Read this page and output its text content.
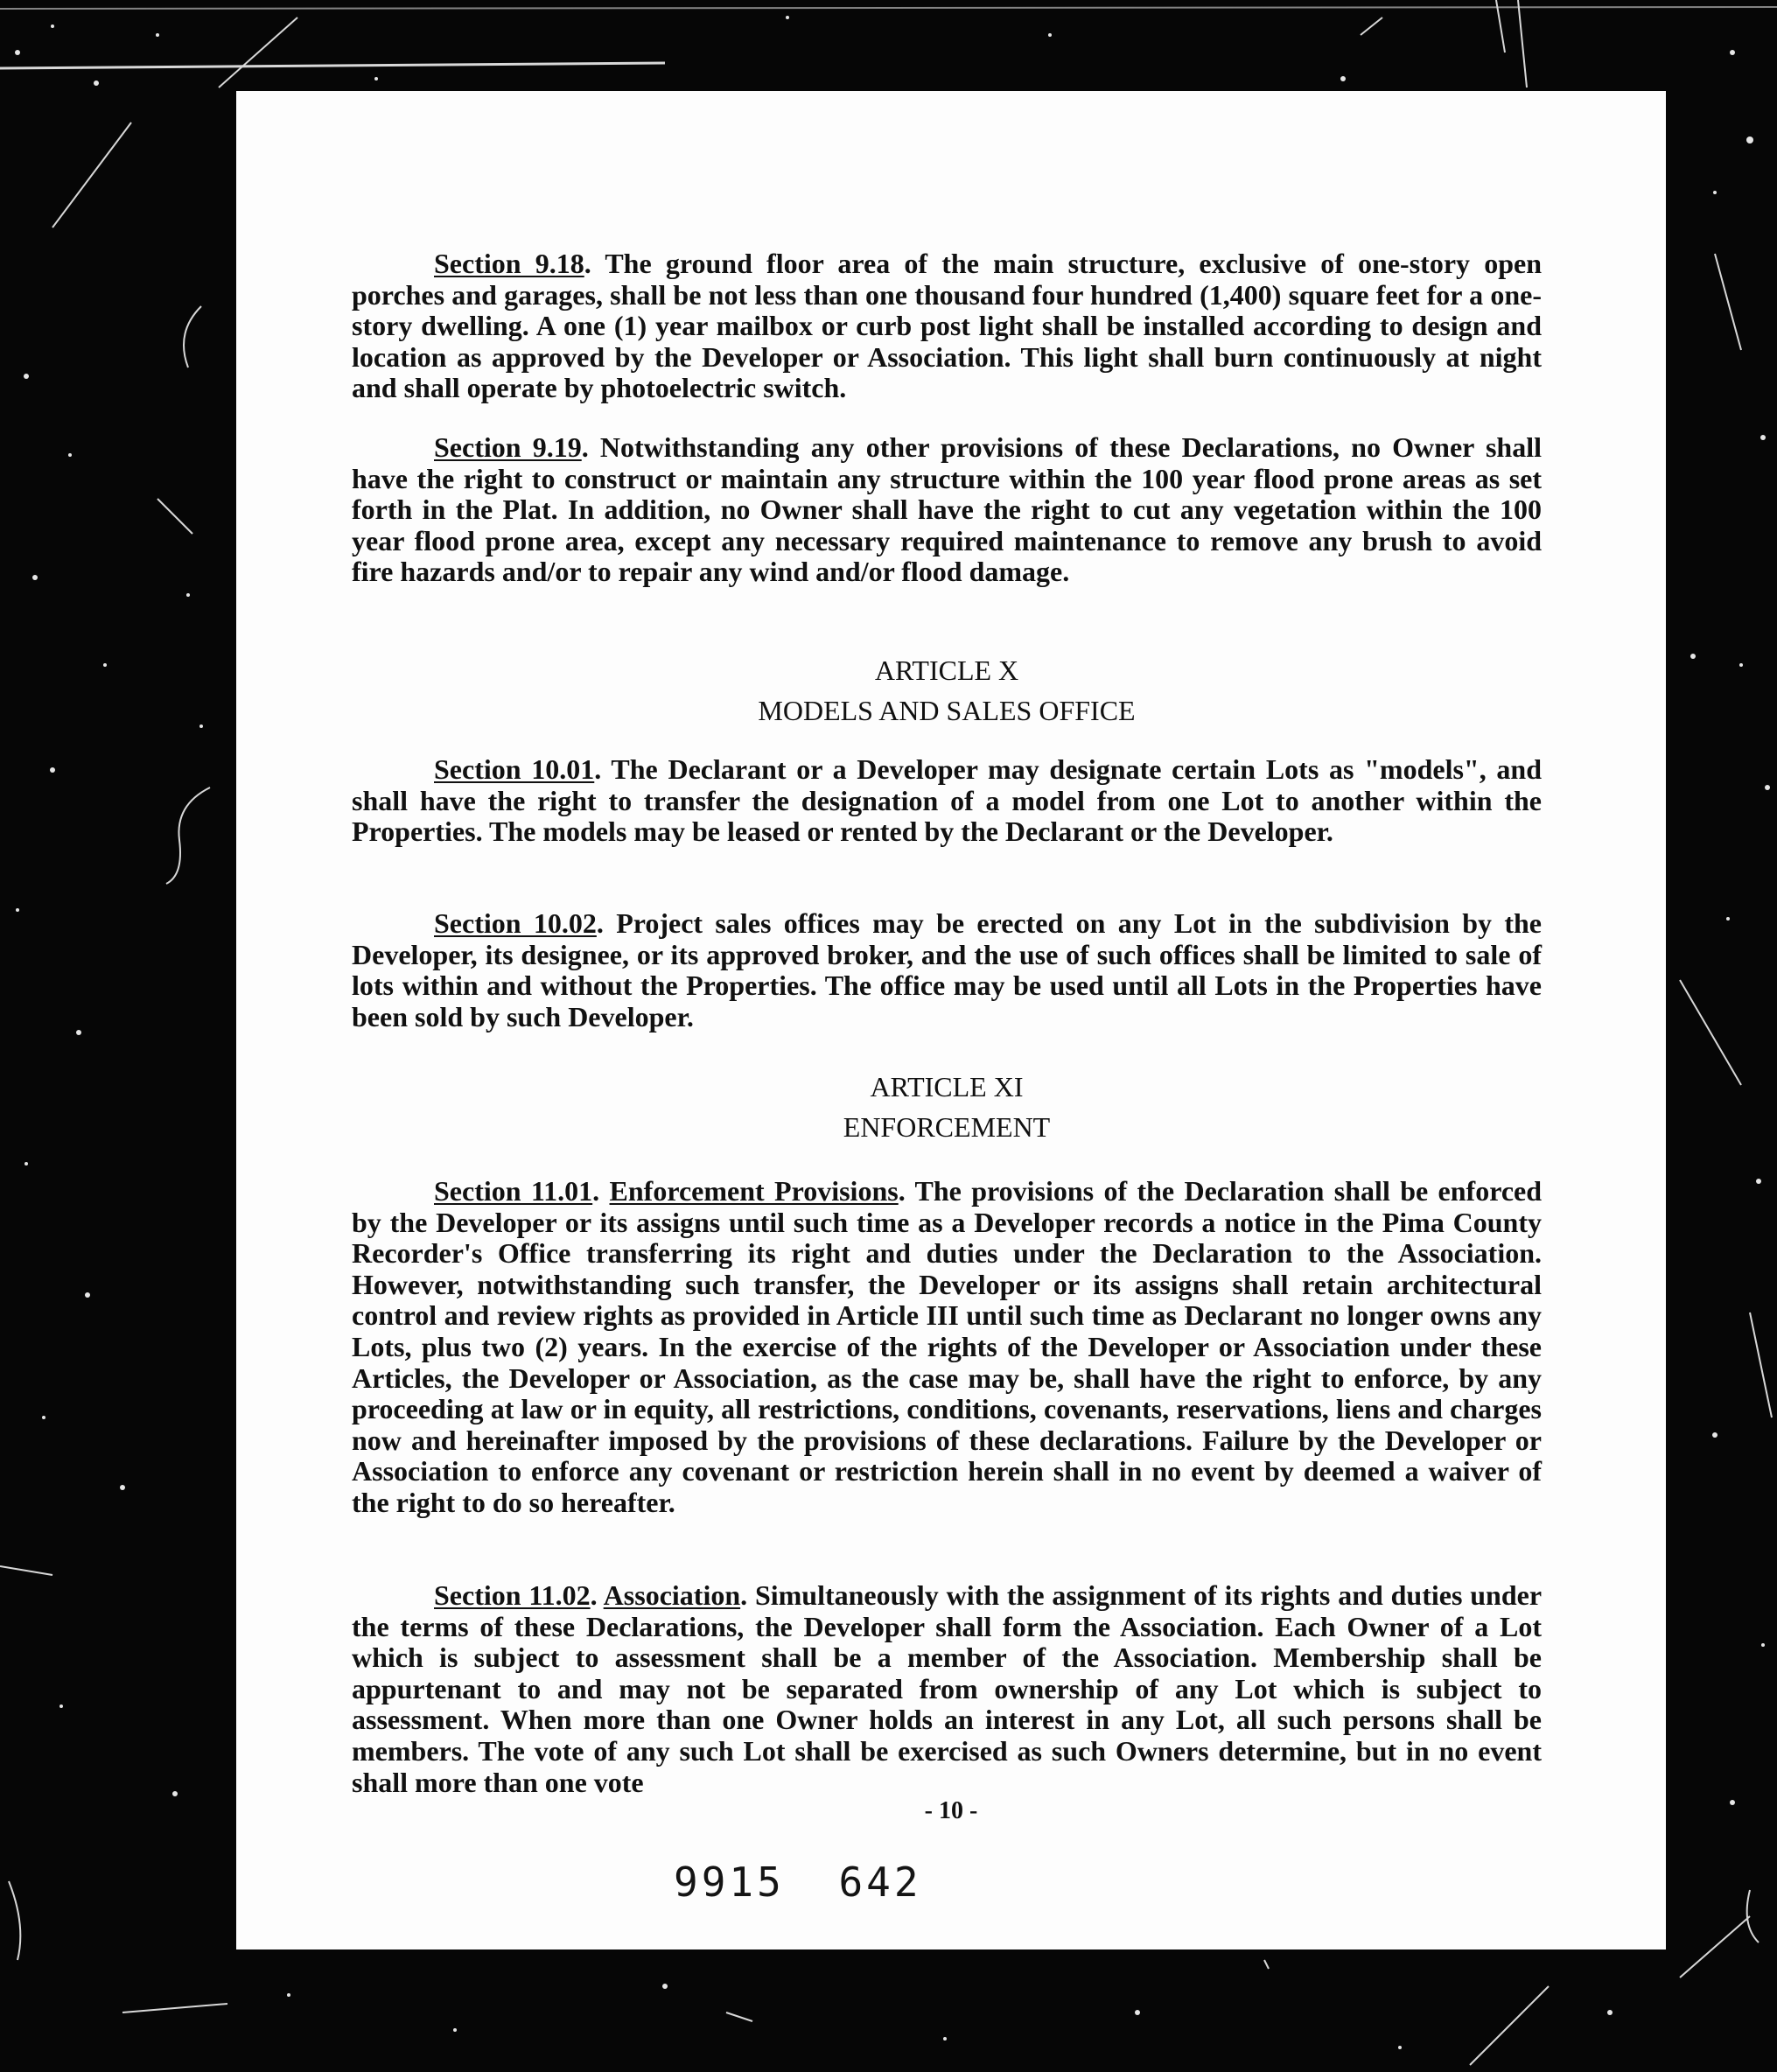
Section 9.18. The ground floor area of the main structure, exclusive of one-story open porches and garages, shall be not less than one thousand four hundred (1,400) square feet for a one-story dwelling. A one (1) year mailbox or curb post light shall be installed according to design and location as approved by the Developer or Association. This light shall burn continuously at night and shall operate by photoelectric switch.

Section 9.19. Notwithstanding any other provisions of these Declarations, no Owner shall have the right to construct or maintain any structure within the 100 year flood prone areas as set forth in the Plat. In addition, no Owner shall have the right to cut any vegetation within the 100 year flood prone area, except any necessary required maintenance to remove any brush to avoid fire hazards and/or to repair any wind and/or flood damage.

ARTICLE X
MODELS AND SALES OFFICE

Section 10.01. The Declarant or a Developer may designate certain Lots as "models", and shall have the right to transfer the designation of a model from one Lot to another within the Properties. The models may be leased or rented by the Declarant or the Developer.

Section 10.02. Project sales offices may be erected on any Lot in the subdivision by the Developer, its designee, or its approved broker, and the use of such offices shall be limited to sale of lots within and without the Properties. The office may be used until all Lots in the Properties have been sold by such Developer.

ARTICLE XI
ENFORCEMENT

Section 11.01. Enforcement Provisions. The provisions of the Declaration shall be enforced by the Developer or its assigns until such time as a Developer records a notice in the Pima County Recorder's Office transferring its right and duties under the Declaration to the Association. However, notwithstanding such transfer, the Developer or its assigns shall retain architectural control and review rights as provided in Article III until such time as Declarant no longer owns any Lots, plus two (2) years. In the exercise of the rights of the Developer or Association under these Articles, the Developer or Association, as the case may be, shall have the right to enforce, by any proceeding at law or in equity, all restrictions, conditions, covenants, reservations, liens and charges now and hereinafter imposed by the provisions of these declarations. Failure by the Developer or Association to enforce any covenant or restriction herein shall in no event by deemed a waiver of the right to do so hereafter.

Section 11.02. Association. Simultaneously with the assignment of its rights and duties under the terms of these Declarations, the Developer shall form the Association. Each Owner of a Lot which is subject to assessment shall be a member of the Association. Membership shall be appurtenant to and may not be separated from ownership of any Lot which is subject to assessment. When more than one Owner holds an interest in any Lot, all such persons shall be members. The vote of any such Lot shall be exercised as such Owners determine, but in no event shall more than one vote

- 10 -
9915 642
